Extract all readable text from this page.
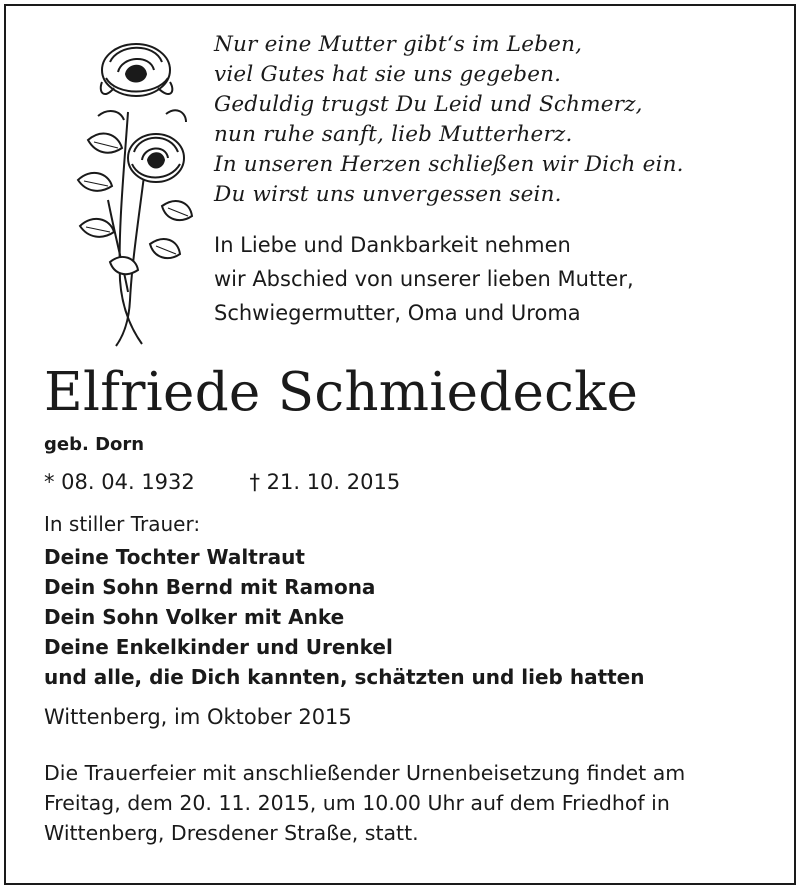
Nur eine Mutter gibt‘s im Leben,
viel Gutes hat sie uns gegeben.
Geduldig trugst Du Leid und Schmerz,
nun ruhe sanft, lieb Mutterherz.
In unseren Herzen schließen wir Dich ein.
Du wirst uns unvergessen sein.
In Liebe und Dankbarkeit nehmen
wir Abschied von unserer lieben Mutter,
Schwiegermutter, Oma und Uroma
Elfriede Schmiedecke
geb. Dorn
* 08. 04. 1932	† 21. 10. 2015
In stiller Trauer:
Deine Tochter Waltraut
Dein Sohn Bernd mit Ramona
Dein Sohn Volker mit Anke
Deine Enkelkinder und Urenkel
und alle, die Dich kannten, schätzten und lieb hatten
Wittenberg, im Oktober 2015
Die Trauerfeier mit anschließender Urnenbeisetzung findet am
Freitag, dem 20. 11. 2015, um 10.00 Uhr auf dem Friedhof in
Wittenberg, Dresdener Straße, statt.
